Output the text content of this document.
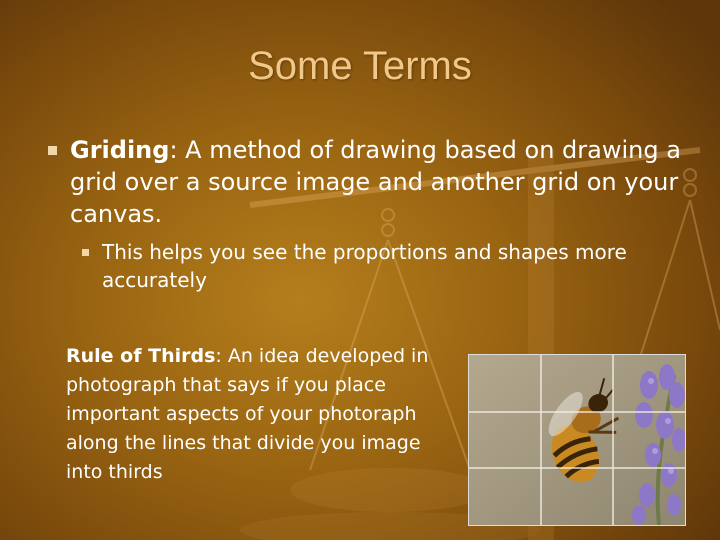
Some Terms
Griding: A method of drawing based on drawing a grid over a source image and another grid on your canvas.
This helps you see the proportions and shapes more accurately
Rule of Thirds: An idea developed in photograph that says if you place important aspects of your photoraph along the lines that divide you image into thirds
